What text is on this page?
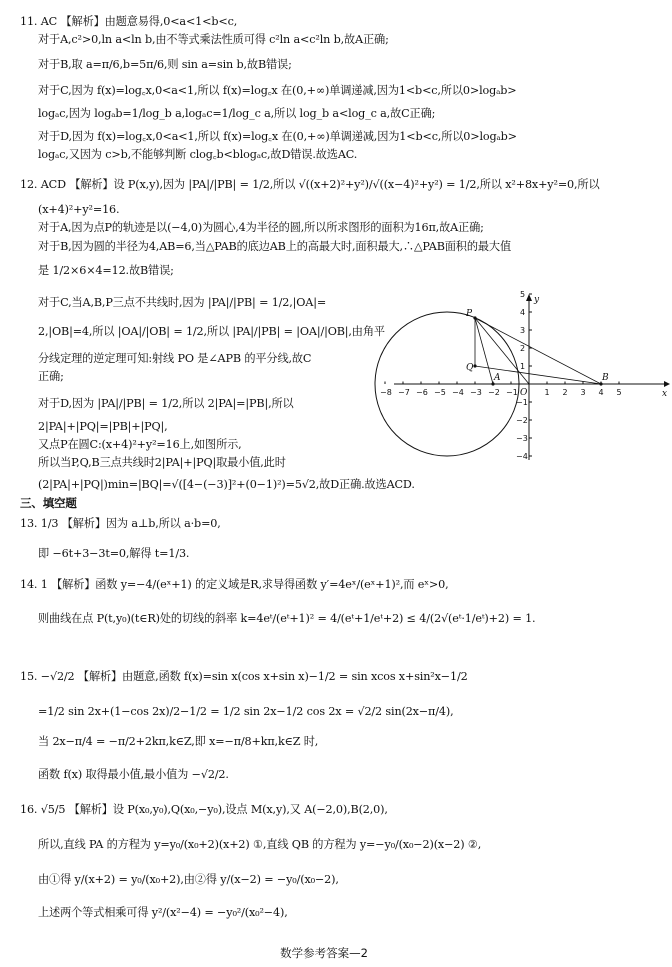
11. AC 【解析】由题意易得,0<a<1<b<c,
对于A,c²>0,ln a<ln b,由不等式乘法性质可得 c²ln a<c²ln b,故A正确;
对于B,取 a=π/6,b=5π/6,则 sin a=sin b,故B错误;
对于C,因为 f(x)=log꜀x,0<a<1,所以 f(x)=log꜀x 在(0,+∞)单调递减,因为1<b<c,所以0>logₐb>
logₐc,因为 logₐb=1/log_b a,logₐc=1/log_c a,所以 log_b a<log_c a,故C正确;
对于D,因为 f(x)=log꜀x,0<a<1,所以 f(x)=log꜀x 在(0,+∞)单调递减,因为1<b<c,所以0>logₐb>
logₐc,又因为 c>b,不能够判断 clog꜀b<blogₐc,故D错误.故选AC.
12. ACD 【解析】设 P(x,y),因为 |PA|/|PB| = 1/2,所以 √((x+2)²+y²)/√((x−4)²+y²) = 1/2,所以 x²+8x+y²=0,所以
(x+4)²+y²=16.
对于A,因为点P的轨迹是以(−4,0)为圆心,4为半径的圆,所以所求图形的面积为16π,故A正确;
对于B,因为圆的半径为4,AB=6,当△PAB的底边AB上的高最大时,面积最大,∴△PAB面积的最大值
是 1/2×6×4=12.故B错误;
对于C,当A,B,P三点不共线时,因为 |PA|/|PB| = 1/2,|OA|=
2,|OB|=4,所以 |OA|/|OB| = 1/2,所以 |PA|/|PB| = |OA|/|OB|,由角平
分线定理的逆定理可知:射线 PO 是∠APB 的平分线,故C
正确;
对于D,因为 |PA|/|PB| = 1/2,所以 2|PA|=|PB|,所以
2|PA|+|PQ|=|PB|+|PQ|,
又点P在圆C:(x+4)²+y²=16上,如图所示,
所以当P,Q,B三点共线时2|PA|+|PQ|取最小值,此时
(2|PA|+|PQ|)min=|BQ|=√([4−(−3)]²+(0−1)²)=5√2,故D正确.故选ACD.
三、填空题
13. 1/3 【解析】因为 a⊥b,所以 a·b=0,
即 −6t+3−3t=0,解得 t=1/3.
14. 1 【解析】函数 y=−4/(eˣ+1) 的定义域是R,求导得函数 y′=4eˣ/(eˣ+1)²,而 eˣ>0,
则曲线在点 P(t,y₀)(t∈R)处的切线的斜率 k=4eᵗ/(eᵗ+1)² = 4/(eᵗ+1/eᵗ+2) ≤ 4/(2√(eᵗ·1/eᵗ)+2) = 1.
15. −√2/2 【解析】由题意,函数 f(x)=sin x(cos x+sin x)−1/2 = sin xcos x+sin²x−1/2
=1/2 sin 2x+(1−cos 2x)/2−1/2 = 1/2 sin 2x−1/2 cos 2x = √2/2 sin(2x−π/4),
当 2x−π/4 = −π/2+2kπ,k∈Z,即 x=−π/8+kπ,k∈Z 时,
函数 f(x) 取得最小值,最小值为 −√2/2.
16. √5/5 【解析】设 P(x₀,y₀),Q(x₀,−y₀),设点 M(x,y),又 A(−2,0),B(2,0),
所以,直线 PA 的方程为 y=y₀/(x₀+2)(x+2) ①,直线 QB 的方程为 y=−y₀/(x₀−2)(x−2) ②,
由①得 y/(x+2) = y₀/(x₀+2),由②得 y/(x−2) = −y₀/(x₀−2),
上述两个等式相乘可得 y²/(x²−4) = −y₀²/(x₀²−4),
y
x
−8 −7 −6 −5 −4 −3 −2 −1 O 1 2 3 4 5
5
4
3
2
1
−1
−2
−3
−4
P
Q
A	B
数学参考答案—2
